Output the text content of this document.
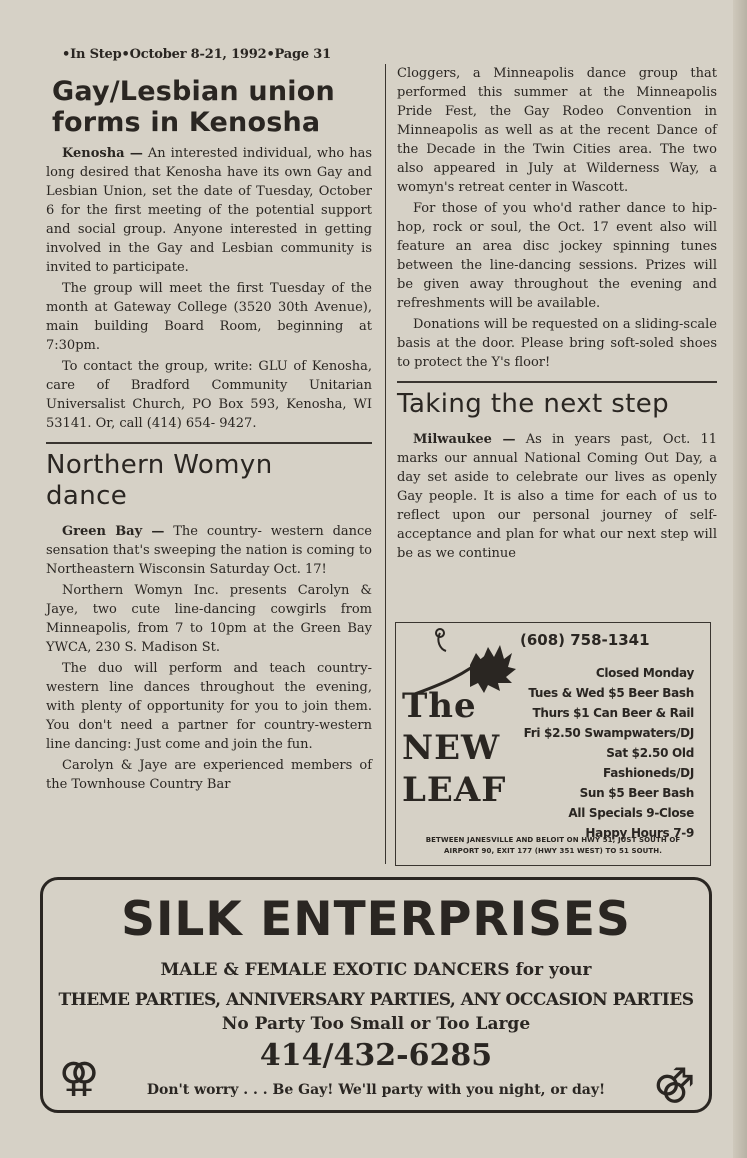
•In Step•October 8-21, 1992•Page 31
Gay/Lesbian union
forms in Kenosha

Kenosha — An interested individual, who has long desired that Kenosha have its own Gay and Lesbian Union, set the date of Tuesday, October 6 for the first meeting of the potential support and social group. Anyone interested in getting involved in the Gay and Lesbian community is invited to participate.

The group will meet the first Tuesday of the month at Gateway College (3520 30th Avenue), main building Board Room, beginning at 7:30pm.

To contact the group, write: GLU of Kenosha, care of Bradford Community Unitarian Universalist Church, PO Box 593, Kenosha, WI 53141. Or, call (414) 654- 9427.

Northern Womyn
dance

Green Bay — The country- western dance sensation that's sweeping the nation is coming to Northeastern Wisconsin Saturday Oct. 17!

Northern Womyn Inc. presents Carolyn & Jaye, two cute line-dancing cowgirls from Minneapolis, from 7 to 10pm at the Green Bay YWCA, 230 S. Madison St.

The duo will perform and teach country-western line dances throughout the evening, with plenty of opportunity for you to join them. You don't need a partner for country-western line dancing: Just come and join the fun.

Carolyn & Jaye are experienced members of the Townhouse Country Bar

Cloggers, a Minneapolis dance group that performed this summer at the Minneapolis Pride Fest, the Gay Rodeo Convention in Minneapolis as well as at the recent Dance of the Decade in the Twin Cities area. The two also appeared in July at Wilderness Way, a womyn's retreat center in Wascott.

For those of you who'd rather dance to hip-hop, rock or soul, the Oct. 17 event also will feature an area disc jockey spinning tunes between the line-dancing sessions. Prizes will be given away throughout the evening and refreshments will be available.

Donations will be requested on a sliding-scale basis at the door. Please bring soft-soled shoes to protect the Y's floor!

Taking the next step

Milwaukee — As in years past, Oct. 11 marks our annual National Coming Out Day, a day set aside to celebrate our lives as openly Gay people. It is also a time for each of us to reflect upon our personal journey of self- acceptance and plan for what our next step will be as we continue

(608) 758-1341
The
NEW
LEAF
Closed Monday
Tues & Wed $5 Beer Bash
Thurs $1 Can Beer & Rail
Fri $2.50 Swampwaters/DJ
Sat $2.50 Old Fashioneds/DJ
Sun $5 Beer Bash
All Specials 9-Close
Happy Hours 7-9
BETWEEN JANESVILLE AND BELOIT ON HWY 51, JUST SOUTH OF
AIRPORT 90, EXIT 177 (HWY 351 WEST) TO 51 SOUTH.
SILK ENTERPRISES
MALE & FEMALE EXOTIC DANCERS for your
THEME PARTIES, ANNIVERSARY PARTIES, ANY OCCASION PARTIES
No Party Too Small or Too Large
414/432-6285
Don't worry . . . Be Gay! We'll party with you night, or day!
⚢	⚣
